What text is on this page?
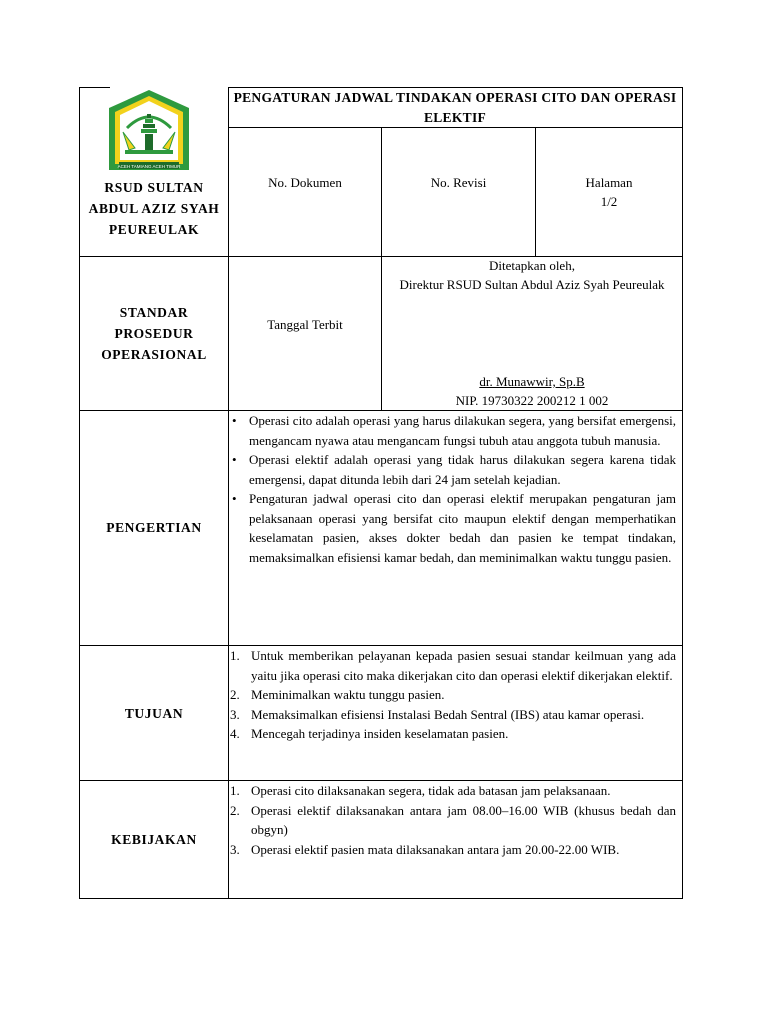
ACEH TAMIANG ACEH TIMUR
RSUD SULTAN ABDUL AZIZ SYAH PEUREULAK
PENGATURAN JADWAL TINDAKAN OPERASI CITO DAN OPERASI ELEKTIF
No. Dokumen	No. Revisi	Halaman
1/2
STANDAR PROSEDUR OPERASIONAL
Tanggal Terbit
Ditetapkan oleh,
Direktur RSUD Sultan Abdul Aziz Syah Peureulak
dr. Munawwir, Sp.B
NIP. 19730322 200212 1 002
PENGERTIAN
• Operasi cito adalah operasi yang harus dilakukan segera, yang bersifat emergensi, mengancam nyawa atau mengancam fungsi tubuh atau anggota tubuh manusia.
• Operasi elektif adalah operasi yang tidak harus dilakukan segera karena tidak emergensi, dapat ditunda lebih dari 24 jam setelah kejadian.
• Pengaturan jadwal operasi cito dan operasi elektif merupakan pengaturan jam pelaksanaan operasi yang bersifat cito maupun elektif dengan memperhatikan keselamatan pasien, akses dokter bedah dan pasien ke tempat tindakan, memaksimalkan efisiensi kamar bedah, dan meminimalkan waktu tunggu pasien.
TUJUAN
1. Untuk memberikan pelayanan kepada pasien sesuai standar keilmuan yang ada yaitu jika operasi cito maka dikerjakan cito dan operasi elektif dikerjakan elektif.
2. Meminimalkan waktu tunggu pasien.
3. Memaksimalkan efisiensi Instalasi Bedah Sentral (IBS) atau kamar operasi.
4. Mencegah terjadinya insiden keselamatan pasien.
KEBIJAKAN
1. Operasi cito dilaksanakan segera, tidak ada batasan jam pelaksanaan.
2. Operasi elektif dilaksanakan antara jam 08.00–16.00 WIB (khusus bedah dan obgyn)
3. Operasi elektif pasien mata dilaksanakan antara jam 20.00-22.00 WIB.
